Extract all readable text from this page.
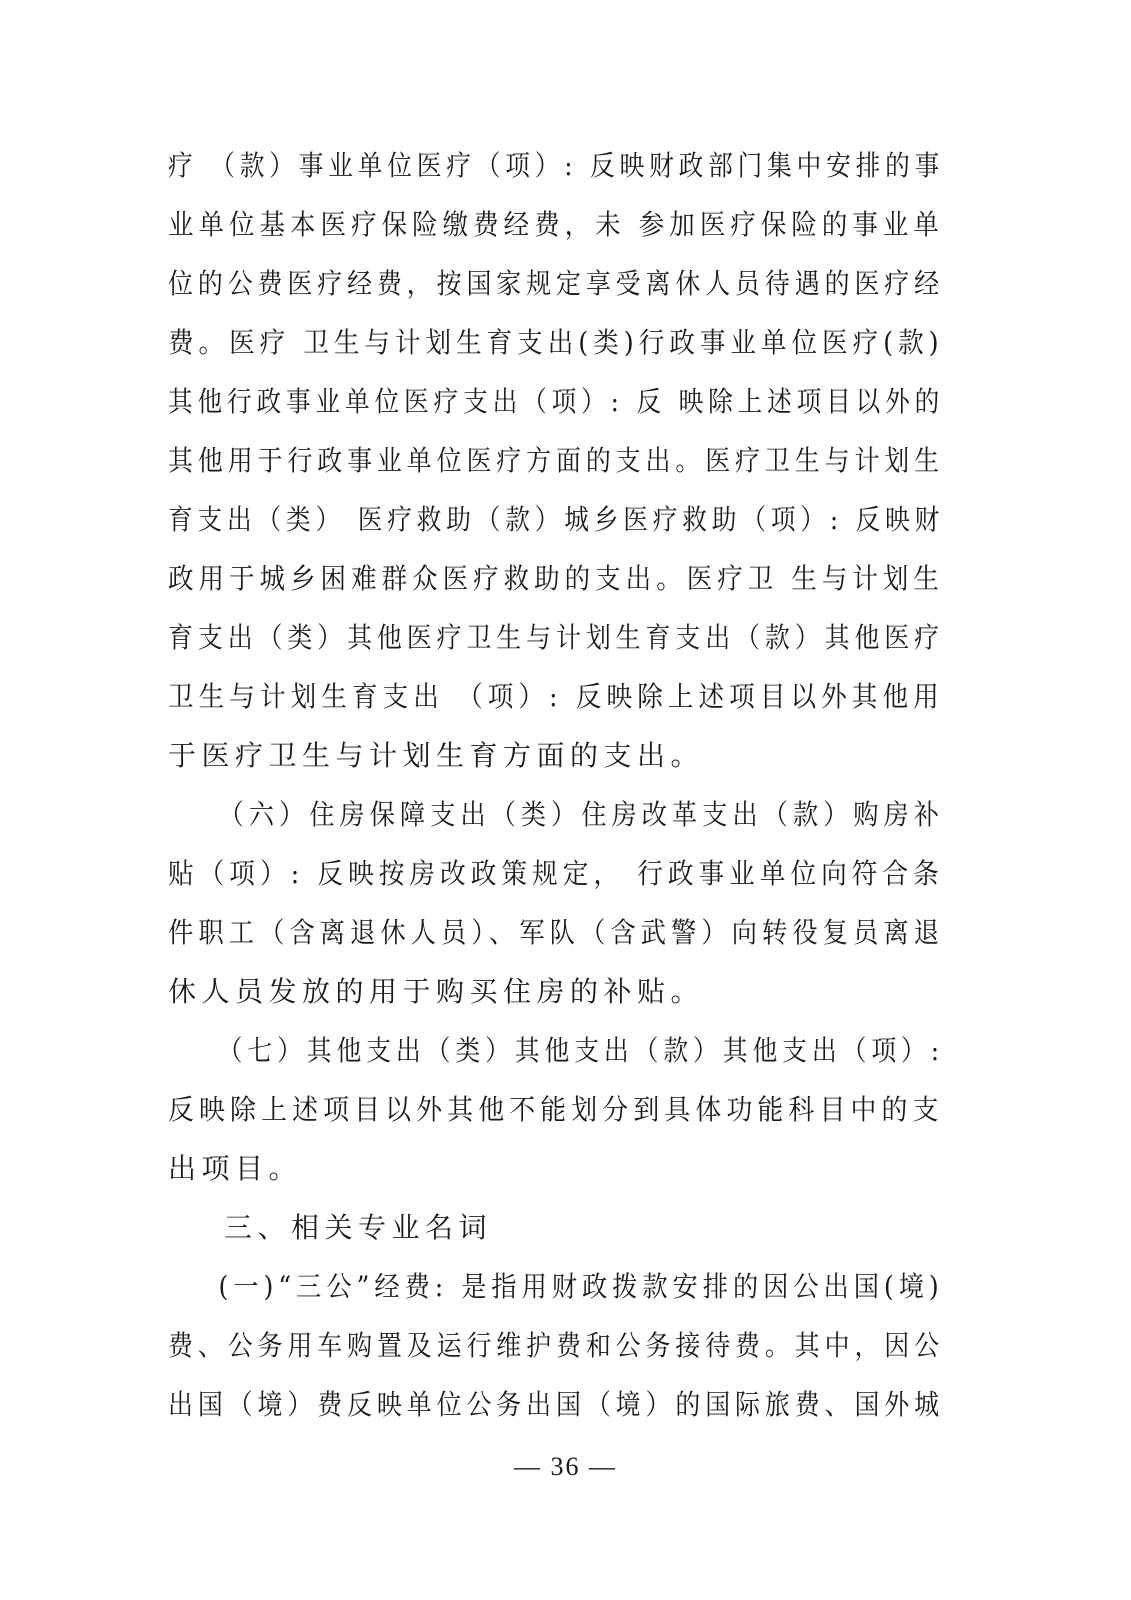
疗 （款）事业单位医疗（项）: 反映财政部门集中安排的事
业单位基本医疗保险缴费经费，未 参加医疗保险的事业单
位的公费医疗经费，按国家规定享受离休人员待遇的医疗经
费。医疗 卫生与计划生育支出(类)行政事业单位医疗(款)
其他行政事业单位医疗支出（项）: 反 映除上述项目以外的
其他用于行政事业单位医疗方面的支出。医疗卫生与计划生
育支出（类） 医疗救助（款）城乡医疗救助（项）: 反映财
政用于城乡困难群众医疗救助的支出。医疗卫 生与计划生
育支出（类）其他医疗卫生与计划生育支出（款）其他医疗
卫生与计划生育支出 （项）: 反映除上述项目以外其他用
于医疗卫生与计划生育方面的支出。
（六）住房保障支出（类）住房改革支出（款）购房补
贴（项）: 反映按房改政策规定， 行政事业单位向符合条
件职工（含离退休人员）、军队（含武警）向转役复员离退
休人员发放的用于购买住房的补贴。
（七）其他支出（类）其他支出（款）其他支出（项）:
反映除上述项目以外其他不能划分到具体功能科目中的支
出项目。
三、相关专业名词
(一)“三公”经费: 是指用财政拨款安排的因公出国(境)
费、公务用车购置及运行维护费和公务接待费。其中，因公
出国（境）费反映单位公务出国（境）的国际旅费、国外城
— 36 —
